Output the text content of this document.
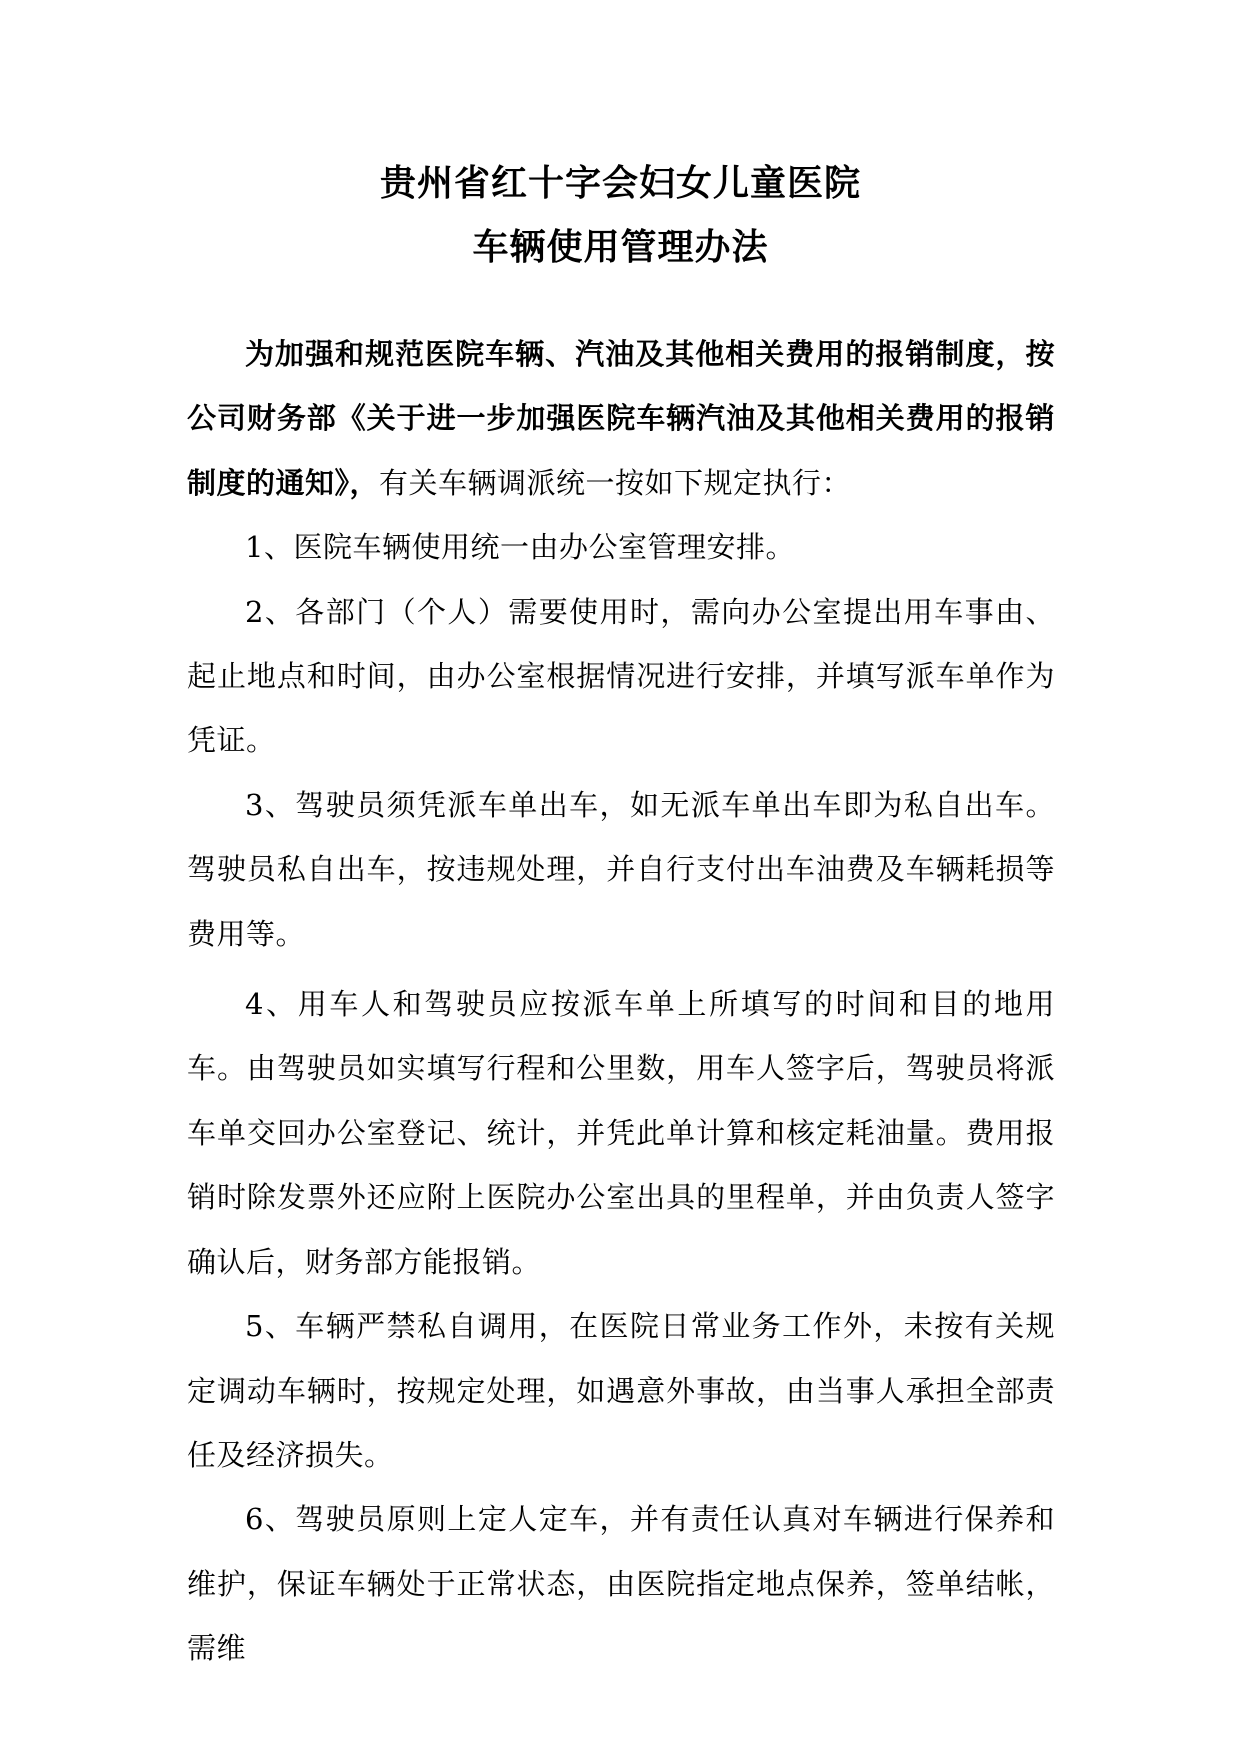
贵州省红十字会妇女儿童医院
车辆使用管理办法

为加强和规范医院车辆、汽油及其他相关费用的报销制度，按公司财务部《关于进一步加强医院车辆汽油及其他相关费用的报销制度的通知》，有关车辆调派统一按如下规定执行：

1、医院车辆使用统一由办公室管理安排。

2、各部门（个人）需要使用时，需向办公室提出用车事由、起止地点和时间，由办公室根据情况进行安排，并填写派车单作为凭证。

3、驾驶员须凭派车单出车，如无派车单出车即为私自出车。驾驶员私自出车，按违规处理，并自行支付出车油费及车辆耗损等费用等。

4、用车人和驾驶员应按派车单上所填写的时间和目的地用车。由驾驶员如实填写行程和公里数，用车人签字后，驾驶员将派车单交回办公室登记、统计，并凭此单计算和核定耗油量。费用报销时除发票外还应附上医院办公室出具的里程单，并由负责人签字确认后，财务部方能报销。

5、车辆严禁私自调用，在医院日常业务工作外，未按有关规定调动车辆时，按规定处理，如遇意外事故，由当事人承担全部责任及经济损失。

6、驾驶员原则上定人定车，并有责任认真对车辆进行保养和维护，保证车辆处于正常状态，由医院指定地点保养，签单结帐，需维
